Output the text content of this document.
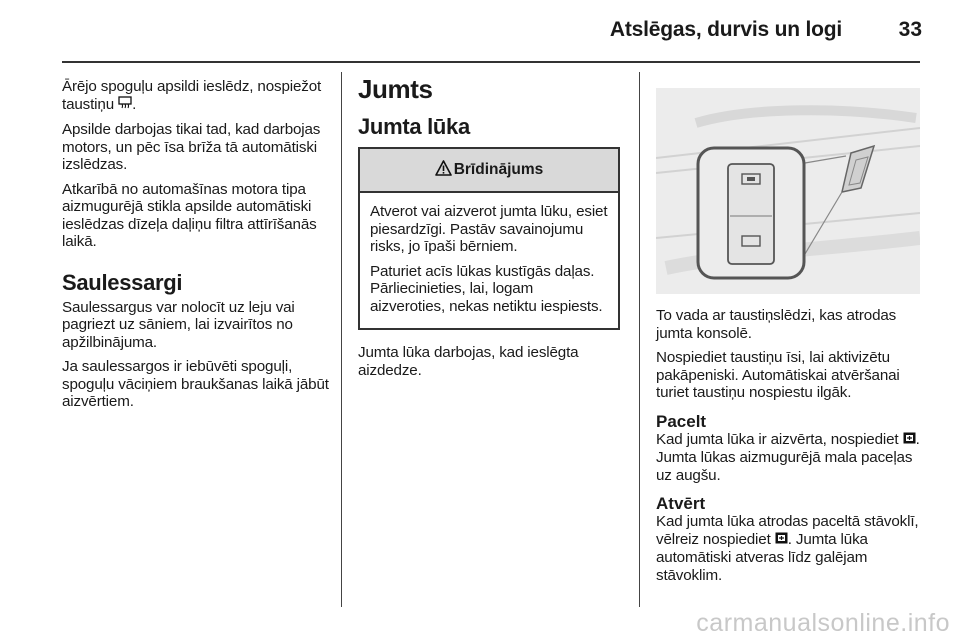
Atslēgas, durvis un logi	33

Ārējo spoguļu apsildi ieslēdz, nospiežot taustiņu .

Apsilde darbojas tikai tad, kad darbojas motors, un pēc īsa brīža tā automātiski izslēdzas.

Atkarībā no automašīnas motora tipa aizmugurējā stikla apsilde automātiski ieslēdzas dīzeļa daļiņu filtra attīrīšanās laikā.

Saulessargi

Saulessargus var nolocīt uz leju vai pagriezt uz sāniem, lai izvairītos no apžilbinājuma.

Ja saulessargos ir iebūvēti spoguļi, spoguļu vāciņiem braukšanas laikā jābūt aizvērtiem.

Jumts
Jumta lūka
Brīdinājums

Atverot vai aizverot jumta lūku, esiet piesardzīgi. Pastāv savainojumu risks, jo īpaši bērniem.

Paturiet acīs lūkas kustīgās daļas. Pārliecinieties, lai, logam aizveroties, nekas netiktu iespiests.

Jumta lūka darbojas, kad ieslēgta aizdedze.

To vada ar taustiņslēdzi, kas atrodas jumta konsolē.

Nospiediet taustiņu īsi, lai aktivizētu pakāpeniski. Automātiskai atvēršanai turiet taustiņu nospiestu ilgāk.

Pacelt

Kad jumta lūka ir aizvērta, nospiediet . Jumta lūkas aizmugurējā mala paceļas uz augšu.

Atvērt

Kad jumta lūka atrodas paceltā stāvoklī, vēlreiz nospiediet . Jumta lūka automātiski atveras līdz galējam stāvoklim.

carmanualsonline.info
